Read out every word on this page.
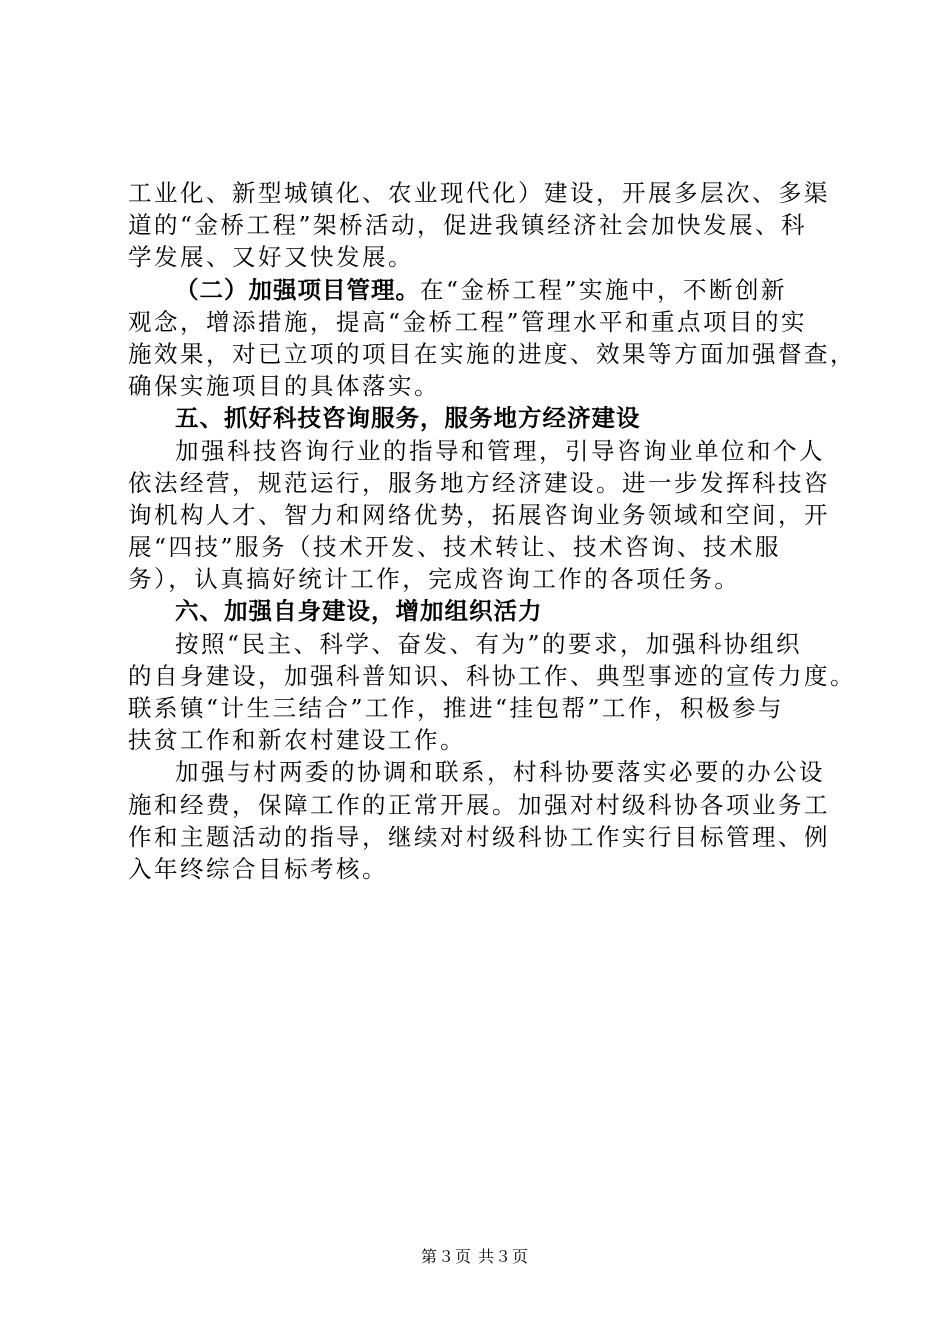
工业化、新型城镇化、农业现代化）建设，开展多层次、多渠
道的“金桥工程”架桥活动，促进我镇经济社会加快发展、科
学发展、又好又快发展。
（二）加强项目管理。在“金桥工程”实施中，不断创新
观念，增添措施，提高“金桥工程”管理水平和重点项目的实
施效果，对已立项的项目在实施的进度、效果等方面加强督查，
确保实施项目的具体落实。
五、抓好科技咨询服务，服务地方经济建设
加强科技咨询行业的指导和管理，引导咨询业单位和个人
依法经营，规范运行，服务地方经济建设。进一步发挥科技咨
询机构人才、智力和网络优势，拓展咨询业务领域和空间，开
展“四技”服务（技术开发、技术转让、技术咨询、技术服
务），认真搞好统计工作，完成咨询工作的各项任务。
六、加强自身建设，增加组织活力
按照“民主、科学、奋发、有为”的要求，加强科协组织
的自身建设，加强科普知识、科协工作、典型事迹的宣传力度。
联系镇“计生三结合”工作，推进“挂包帮”工作，积极参与
扶贫工作和新农村建设工作。
加强与村两委的协调和联系，村科协要落实必要的办公设
施和经费，保障工作的正常开展。加强对村级科协各项业务工
作和主题活动的指导，继续对村级科协工作实行目标管理、例
入年终综合目标考核。
第３页 共３页
